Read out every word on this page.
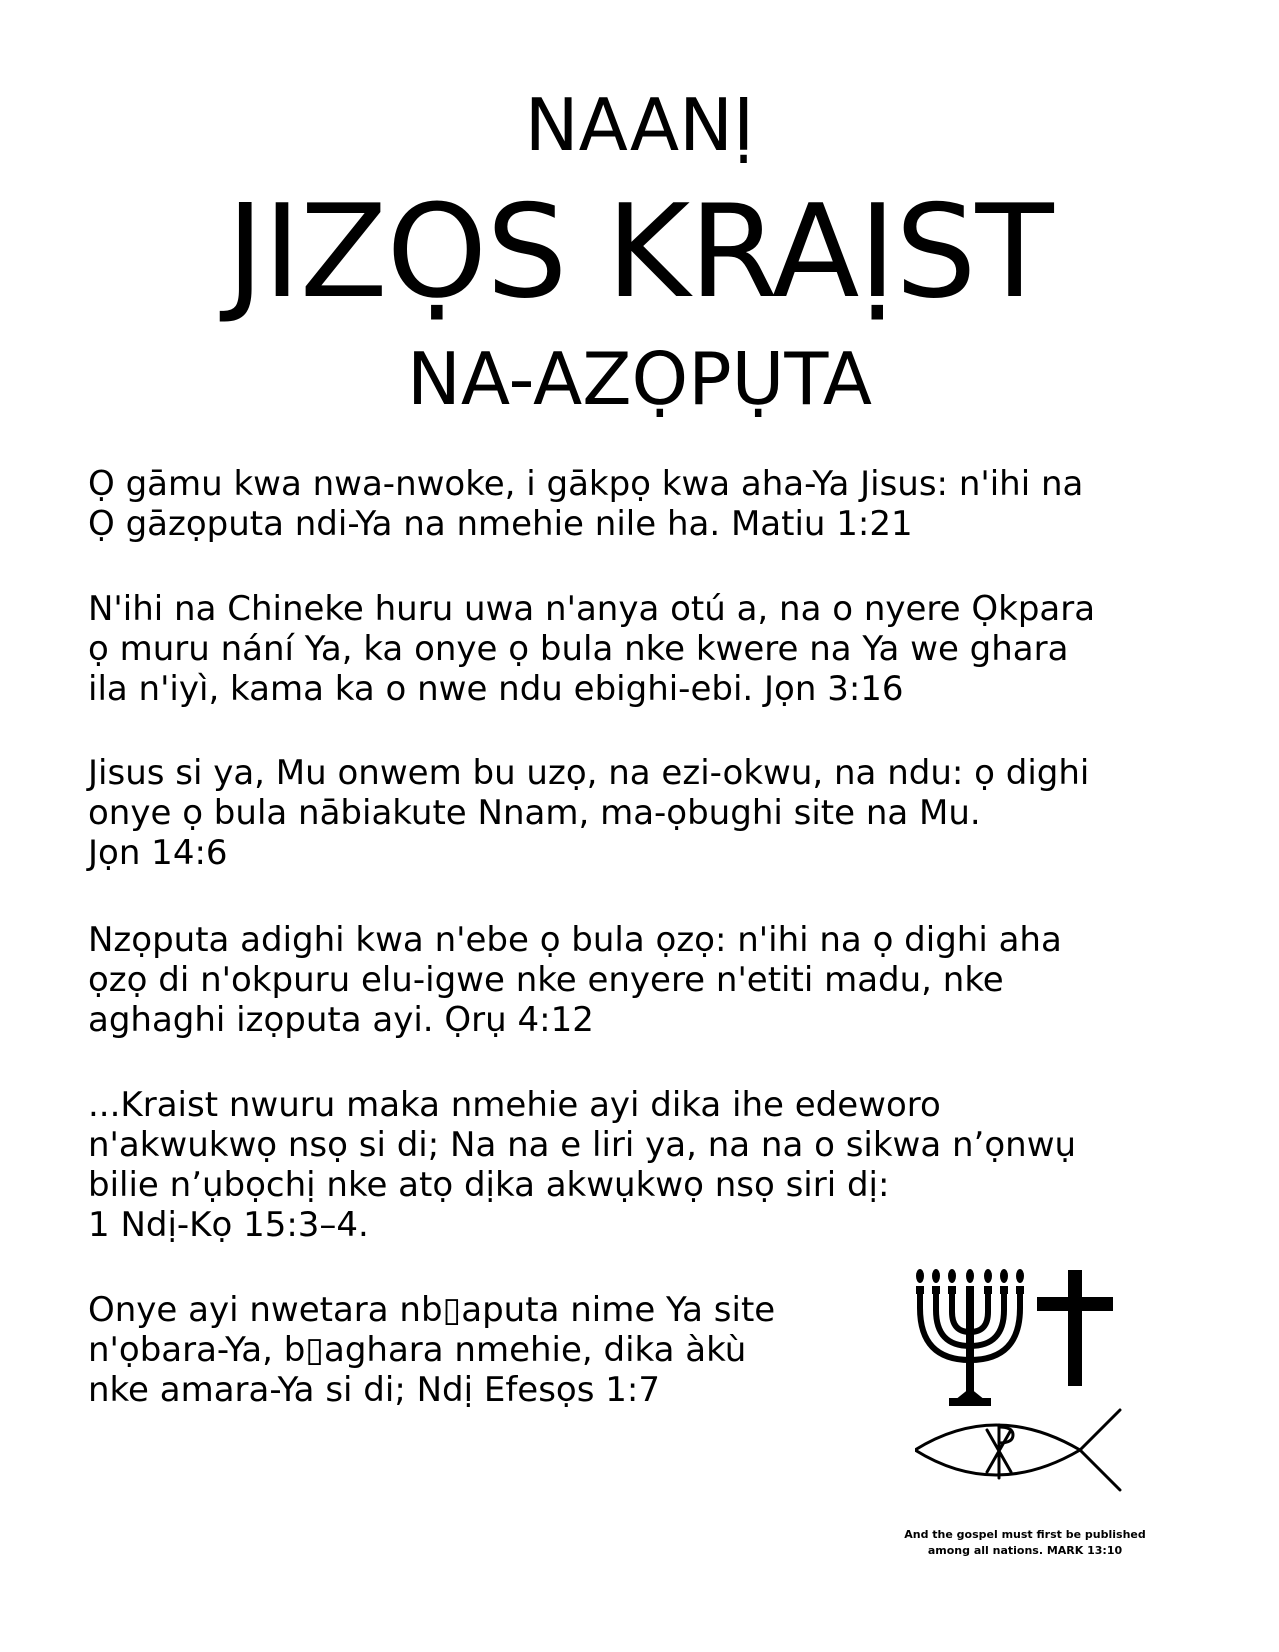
NAANỊ
JIZỌS KRAỊST
NA-AZỌPỤTA

Ọ gāmu kwa nwa-nwoke, i gākpọ kwa aha-Ya Jisus: n'ihi na
Ọ gāzọputa ndi-Ya na nmehie nile ha. Matiu 1:21

N'ihi na Chineke huru uwa n'anya otú a, na o nyere Ọkpara
ọ muru nání Ya, ka onye ọ bula nke kwere na Ya we ghara
ila n'iyì, kama ka o nwe ndu ebighi-ebi. Jọn 3:16

Jisus si ya, Mu onwem bu uzọ, na ezi-okwu, na ndu: ọ dighi
onye ọ bula nābiakute Nnam, ma-ọbughi site na Mu.
Jọn 14:6

Nzọputa adighi kwa n'ebe ọ bula ọzọ: n'ihi na ọ dighi aha
ọzọ di n'okpuru elu-igwe nke enyere n'etiti madu, nke
aghaghi izọputa ayi. Ọrụ 4:12

...Kraist nwuru maka nmehie ayi dika ihe edeworo
n'akwukwọ nsọ si di; Na na e liri ya, na na o sikwa n’ọnwụ
bilie n’ụbọchị nke atọ dịka akwụkwọ nsọ siri dị:
1 Ndị-Kọ 15:3–4.

Onye ayi nwetara nb▯aputa nime Ya site
n'ọbara-Ya, b▯aghara nmehie, dika àkù
nke amara-Ya si di; Ndị Efesọs 1:7

And the gospel must first be published
among all nations. MARK 13:10
